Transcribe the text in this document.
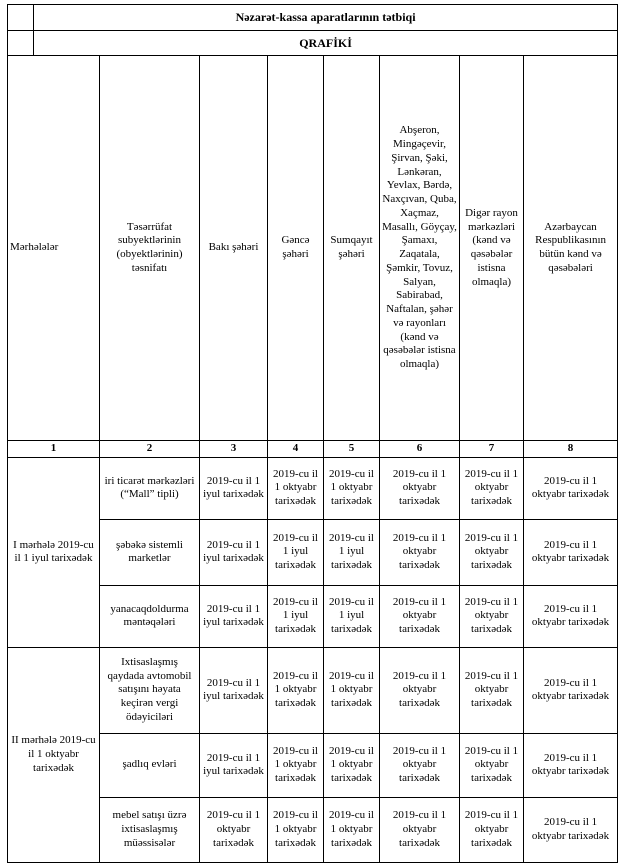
	Nəzarət-kassa aparatlarının tətbiqi							
	QRAFİKİ							
Mərhələlər		Təsərrüfat subyektlərinin (obyektlərinin) təsnifatı	Bakı şəhəri	Gəncə şəhəri	Sumqayıt şəhəri	Abşeron, Mingəçevir, Şirvan, Şəki, Lənkəran, Yevlax, Bərdə, Naxçıvan, Quba, Xaçmaz, Masallı, Göyçay, Şamaxı, Zaqatala, Şəmkir, Tovuz, Salyan, Sabirabad, Naftalan, şəhər və rayonları (kənd və qəsəbələr istisna olmaqla)	Digər rayon mərkəzləri (kənd və qəsəbələr istisna olmaqla)	Azərbaycan Respublikasının bütün kənd və qəsəbələri
1		2	3	4	5	6	7	8
I mərhələ 2019-cu il 1 iyul tarixədək		iri ticarət mərkəzləri (“Mall” tipli)	2019-cu il 1 iyul tarixədək	2019-cu il 1 oktyabr tarixədək	2019-cu il 1 oktyabr tarixədək	2019-cu il 1 oktyabr tarixədək	2019-cu il 1 oktyabr tarixədək	2019-cu il 1 oktyabr tarixədək
		şəbəkə sistemli marketlər	2019-cu il 1 iyul tarixədək	2019-cu il 1 iyul tarixədək	2019-cu il 1 iyul tarixədək	2019-cu il 1 oktyabr tarixədək	2019-cu il 1 oktyabr tarixədək	2019-cu il 1 oktyabr tarixədək
		yanacaqdoldurma məntəqələri	2019-cu il 1 iyul tarixədək	2019-cu il 1 iyul tarixədək	2019-cu il 1 iyul tarixədək	2019-cu il 1 oktyabr tarixədək	2019-cu il 1 oktyabr tarixədək	2019-cu il 1 oktyabr tarixədək
II mərhələ 2019-cu il 1 oktyabr tarixədək		Ixtisaslaşmış qaydada avtomobil satışını həyata keçirən vergi ödəyiciləri	2019-cu il 1 iyul tarixədək	2019-cu il 1 oktyabr tarixədək	2019-cu il 1 oktyabr tarixədək	2019-cu il 1 oktyabr tarixədək	2019-cu il 1 oktyabr tarixədək	2019-cu il 1 oktyabr tarixədək
		şadlıq evləri	2019-cu il 1 iyul tarixədək	2019-cu il 1 oktyabr tarixədək	2019-cu il 1 oktyabr tarixədək	2019-cu il 1 oktyabr tarixədək	2019-cu il 1 oktyabr tarixədək	2019-cu il 1 oktyabr tarixədək
		mebel satışı üzrə ixtisaslaşmış müəssisələr	2019-cu il 1 oktyabr tarixədək	2019-cu il 1 oktyabr tarixədək	2019-cu il 1 oktyabr tarixədək	2019-cu il 1 oktyabr tarixədək	2019-cu il 1 oktyabr tarixədək	2019-cu il 1 oktyabr tarixədək
